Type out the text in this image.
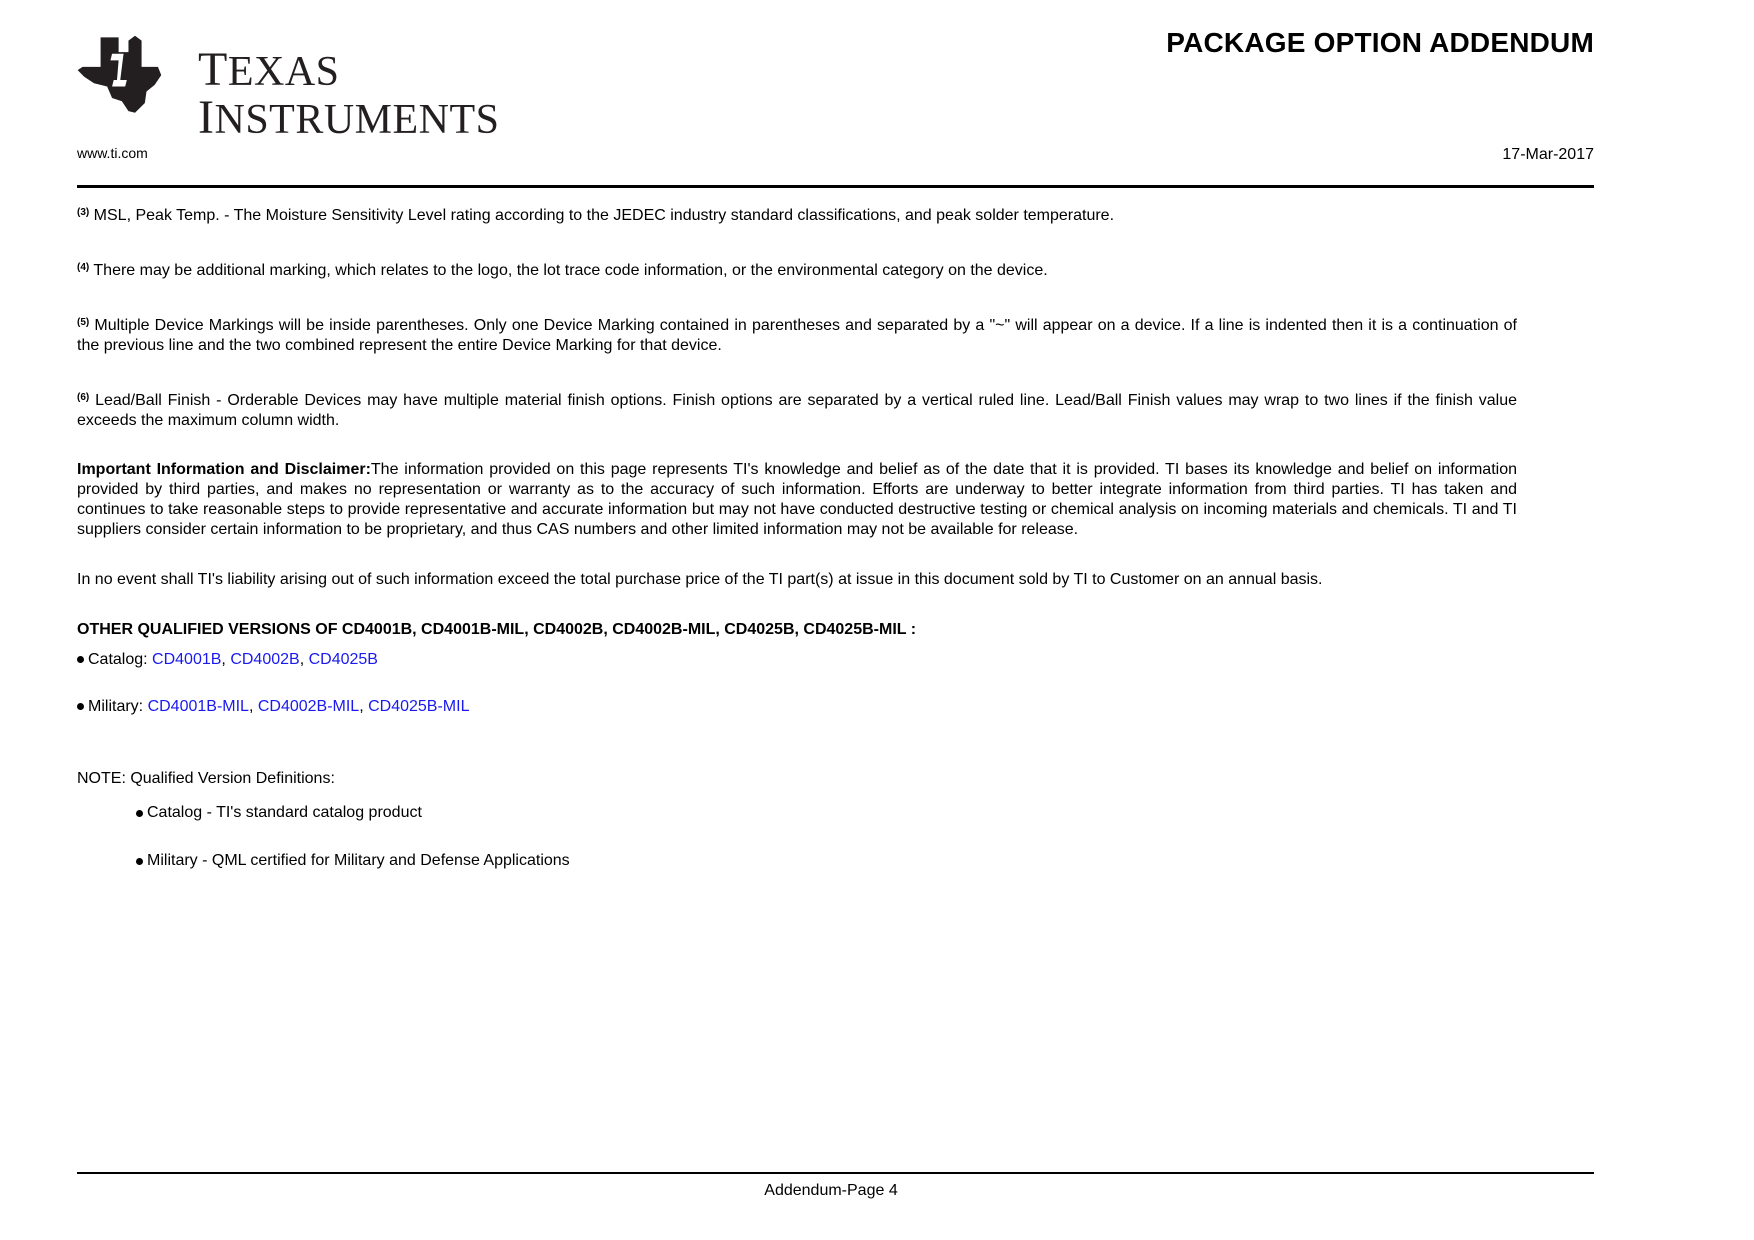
TEXAS
INSTRUMENTS
www.ti.com
PACKAGE OPTION ADDENDUM
17-Mar-2017

$^{(3)}$ MSL, Peak Temp. - The Moisture Sensitivity Level rating according to the JEDEC industry standard classifications, and peak solder temperature.

$^{(4)}$ There may be additional marking, which relates to the logo, the lot trace code information, or the environmental category on the device.

$^{(5)}$ Multiple Device Markings will be inside parentheses. Only one Device Marking contained in parentheses and separated by a "~" will appear on a device. If a line is indented then it is a continuation of the previous line and the two combined represent the entire Device Marking for that device.

$^{(6)}$ Lead/Ball Finish - Orderable Devices may have multiple material finish options. Finish options are separated by a vertical ruled line. Lead/Ball Finish values may wrap to two lines if the finish value exceeds the maximum column width.

Important Information and Disclaimer:The information provided on this page represents TI's knowledge and belief as of the date that it is provided. TI bases its knowledge and belief on information provided by third parties, and makes no representation or warranty as to the accuracy of such information. Efforts are underway to better integrate information from third parties. TI has taken and continues to take reasonable steps to provide representative and accurate information but may not have conducted destructive testing or chemical analysis on incoming materials and chemicals. TI and TI suppliers consider certain information to be proprietary, and thus CAS numbers and other limited information may not be available for release.

In no event shall TI's liability arising out of such information exceed the total purchase price of the TI part(s) at issue in this document sold by TI to Customer on an annual basis.

OTHER QUALIFIED VERSIONS OF CD4001B, CD4001B-MIL, CD4002B, CD4002B-MIL, CD4025B, CD4025B-MIL :

Catalog: CD4001B, CD4002B, CD4025B

Military: CD4001B-MIL, CD4002B-MIL, CD4025B-MIL

NOTE: Qualified Version Definitions:

Catalog - TI's standard catalog product
Military - QML certified for Military and Defense Applications
Addendum-Page 4
